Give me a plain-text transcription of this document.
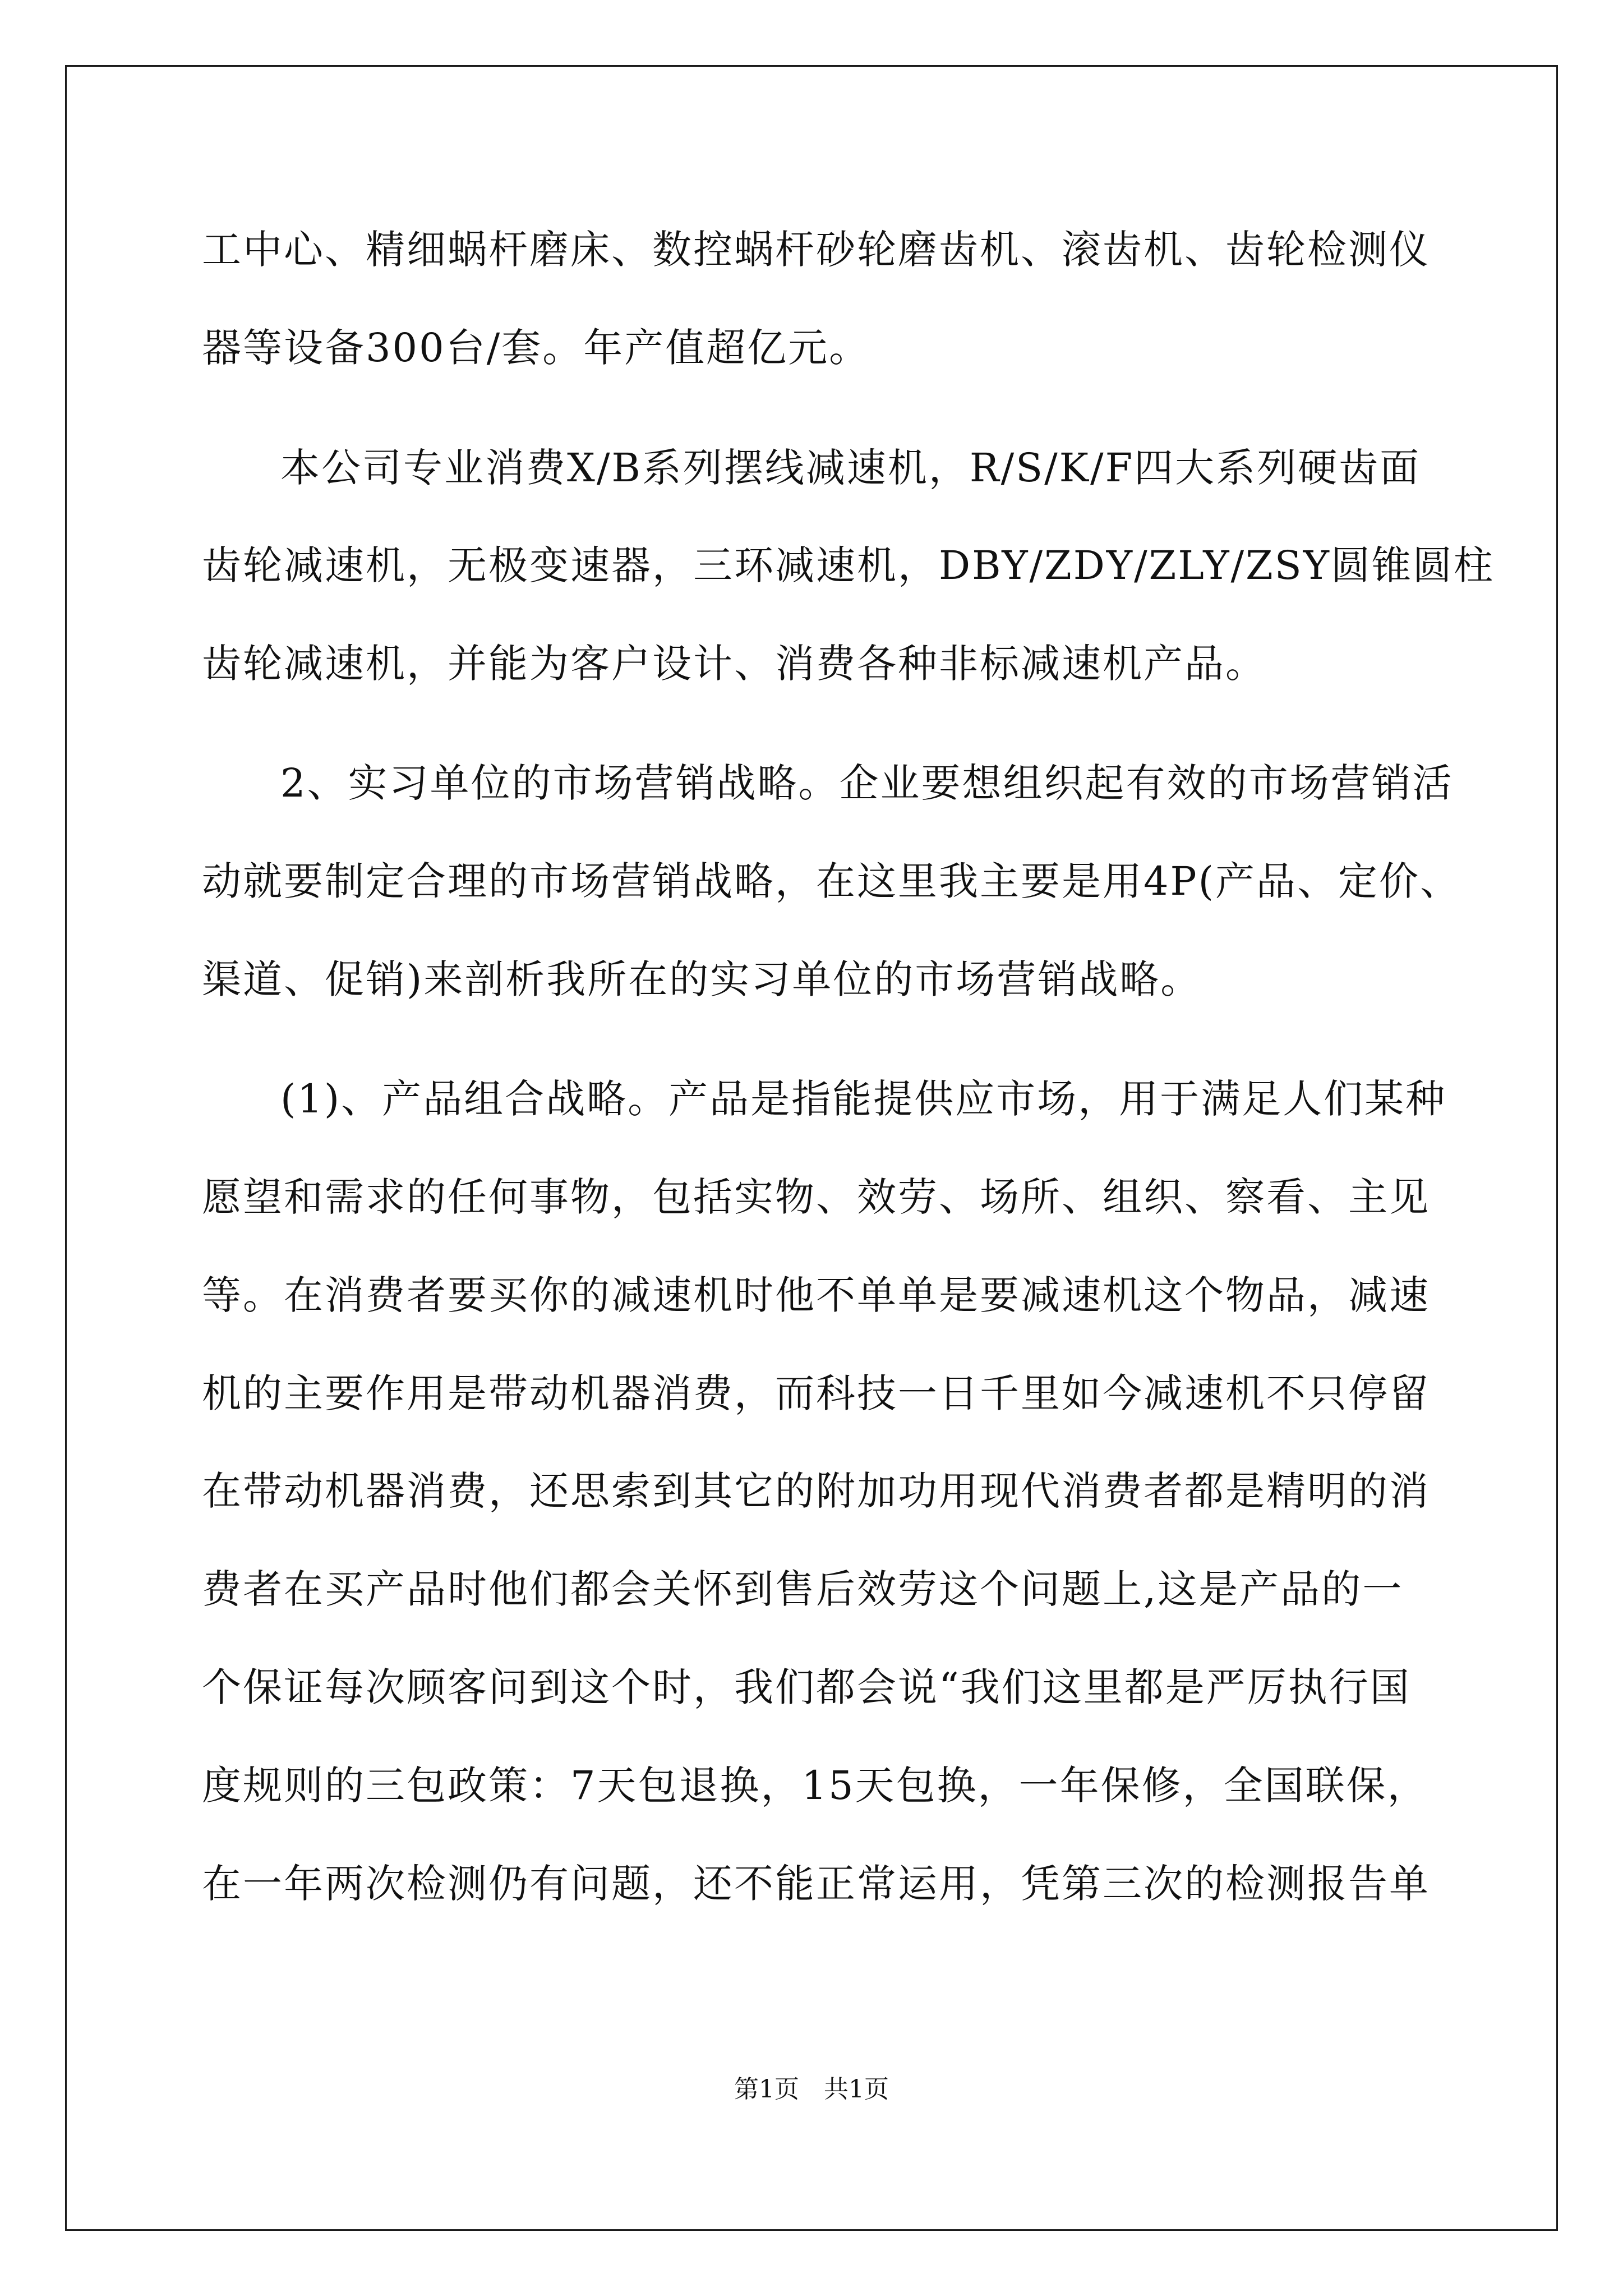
工中心、精细蜗杆磨床、数控蜗杆砂轮磨齿机、滚齿机、齿轮检测仪
器等设备300台/套。年产值超亿元。
本公司专业消费X/B系列摆线减速机，R/S/K/F四大系列硬齿面
齿轮减速机，无极变速器，三环减速机，DBY/ZDY/ZLY/ZSY圆锥圆柱
齿轮减速机，并能为客户设计、消费各种非标减速机产品。
2、实习单位的市场营销战略。企业要想组织起有效的市场营销活
动就要制定合理的市场营销战略，在这里我主要是用4P(产品、定价、
渠道、促销)来剖析我所在的实习单位的市场营销战略。
(1)、产品组合战略。产品是指能提供应市场，用于满足人们某种
愿望和需求的任何事物，包括实物、效劳、场所、组织、察看、主见
等。在消费者要买你的减速机时他不单单是要减速机这个物品，减速
机的主要作用是带动机器消费，而科技一日千里如今减速机不只停留
在带动机器消费，还思索到其它的附加功用现代消费者都是精明的消
费者在买产品时他们都会关怀到售后效劳这个问题上,这是产品的一
个保证每次顾客问到这个时，我们都会说“我们这里都是严厉执行国
度规则的三包政策：7天包退换，15天包换，一年保修，全国联保，
在一年两次检测仍有问题，还不能正常运用，凭第三次的检测报告单
第1页　共1页
